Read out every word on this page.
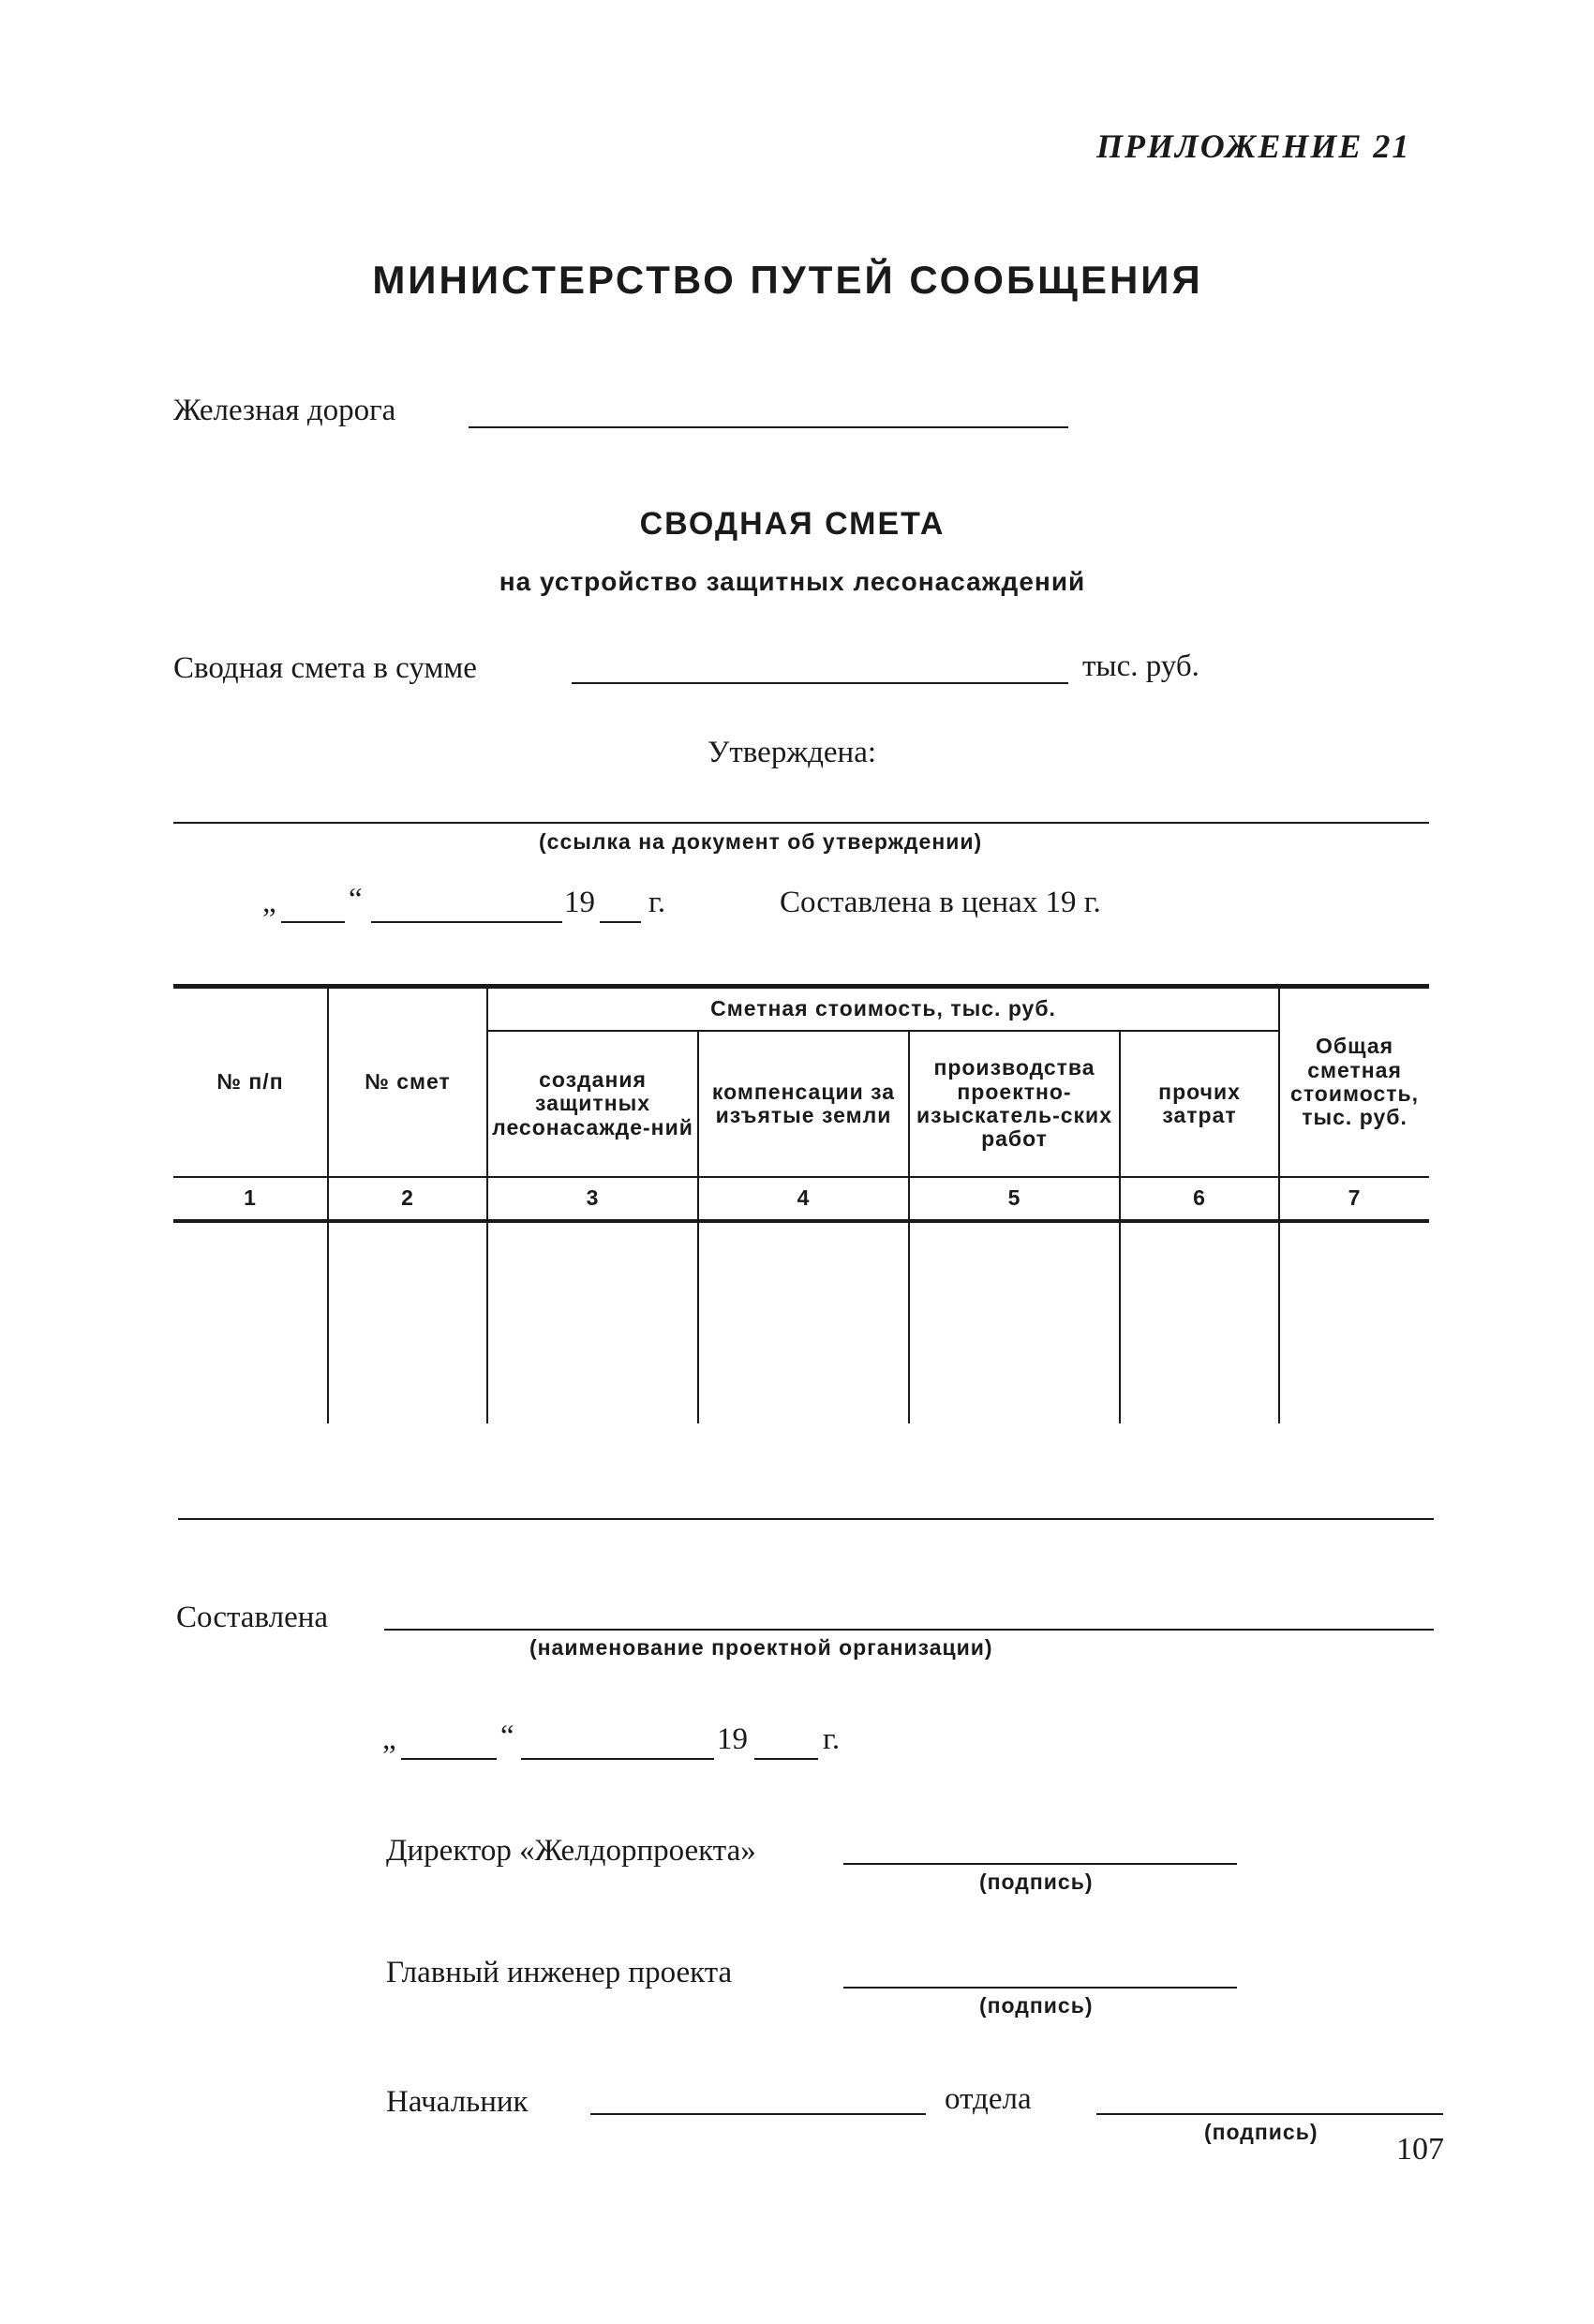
ПРИЛОЖЕНИЕ 21
МИНИСТЕРСТВО ПУТЕЙ СООБЩЕНИЯ
Железная дорога
СВОДНАЯ СМЕТА
на устройство защитных лесонасаждений
Сводная смета в сумме	тыс. руб.
Утверждена:
(ссылка на документ об утверждении)
„ “	19 г.	Составлена в ценах 19 г.
№ п/п	№ смет	Сметная стоимость, тыс. руб.				Общая сметная стоимость, тыс. руб.
		создания защитных лесонасажде-ний	компенсации за изъятые земли	производства проектно-изыскатель-ских работ	прочих затрат	
1	2	3	4	5	6	7

Составлена
(наименование проектной организации)
„	“	19 г.
Директор «Желдорпроекта»
(подпись)
Главный инженер проекта
(подпись)
Начальник	отдела
(подпись) 107
